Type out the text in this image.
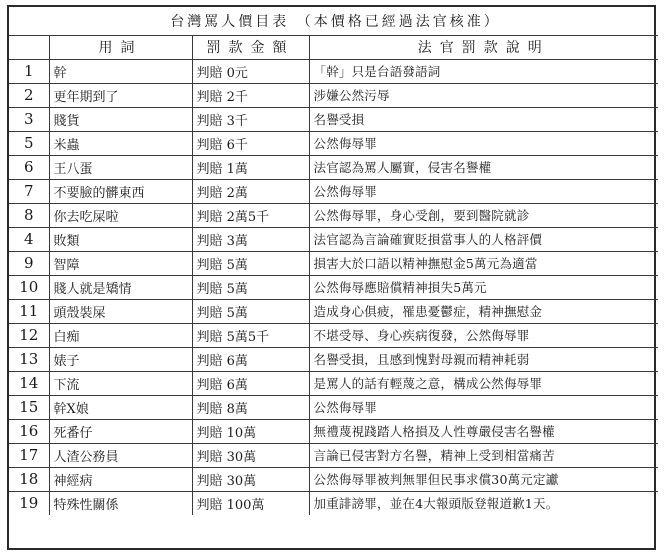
台灣罵人價目表 （本價格已經過法官核准）			
	用詞	罰款金額	法官罰款說明
1	幹	判賠 0元	「幹」只是台語發語詞
2	更年期到了	判賠 2千	涉嫌公然污辱
3	賤貨	判賠 3千	名譽受損
5	米蟲	判賠 6千	公然侮辱罪
6	王八蛋	判賠 1萬	法官認為罵人屬實，侵害名譽權
7	不要臉的髒東西	判賠 2萬	公然侮辱罪
8	你去吃屎啦	判賠 2萬5千	公然侮辱罪，身心受創，要到醫院就診
4	敗類	判賠 3萬	法官認為言論確實貶損當事人的人格評價
9	智障	判賠 5萬	損害大於口語以精神撫慰金5萬元為適當
10	賤人就是矯情	判賠 5萬	公然侮辱應賠償精神損失5萬元
11	頭殼裝屎	判賠 5萬	造成身心俱疲，罹患憂鬱症，精神撫慰金
12	白痴	判賠 5萬5千	不堪受辱、身心疾病復發，公然侮辱罪
13	婊子	判賠 6萬	名譽受損，且感到愧對母親而精神耗弱
14	下流	判賠 6萬	是罵人的話有輕蔑之意，構成公然侮辱罪
15	幹X娘	判賠 8萬	公然侮辱罪
16	死番仔	判賠 10萬	無禮蔑視踐踏人格損及人性尊嚴侵害名譽權
17	人渣公務員	判賠 30萬	言論已侵害對方名譽，精神上受到相當痛苦
18	神經病	判賠 30萬	公然侮辱罪被判無罪但民事求償30萬元定讞
19	特殊性關係	判賠 100萬	加重誹謗罪，並在4大報頭版登報道歉1天。
